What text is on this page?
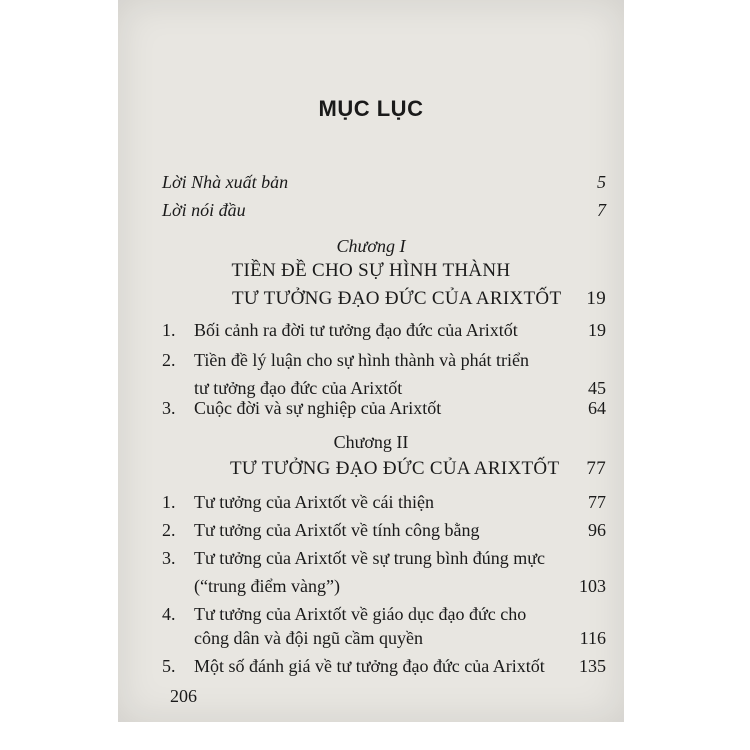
MỤC LỤC
Lời Nhà xuất bản	5
Lời nói đầu	7
Chương I
TIỀN ĐỀ CHO SỰ HÌNH THÀNH
TƯ TƯỞNG ĐẠO ĐỨC CỦA ARIXTỐT 19
1. Bối cảnh ra đời tư tưởng đạo đức của Arixtốt	19
2. Tiền đề lý luận cho sự hình thành và phát triển
tư tưởng đạo đức của Arixtốt	45
3. Cuộc đời và sự nghiệp của Arixtốt	64
Chương II
TƯ TƯỞNG ĐẠO ĐỨC CỦA ARIXTỐT 77
1. Tư tưởng của Arixtốt về cái thiện	77
2. Tư tưởng của Arixtốt về tính công bằng	96
3. Tư tưởng của Arixtốt về sự trung bình đúng mực
(“trung điểm vàng”)	103
4. Tư tưởng của Arixtốt về giáo dục đạo đức cho
công dân và đội ngũ cầm quyền	116
5. Một số đánh giá về tư tưởng đạo đức của Arixtốt 135
206
